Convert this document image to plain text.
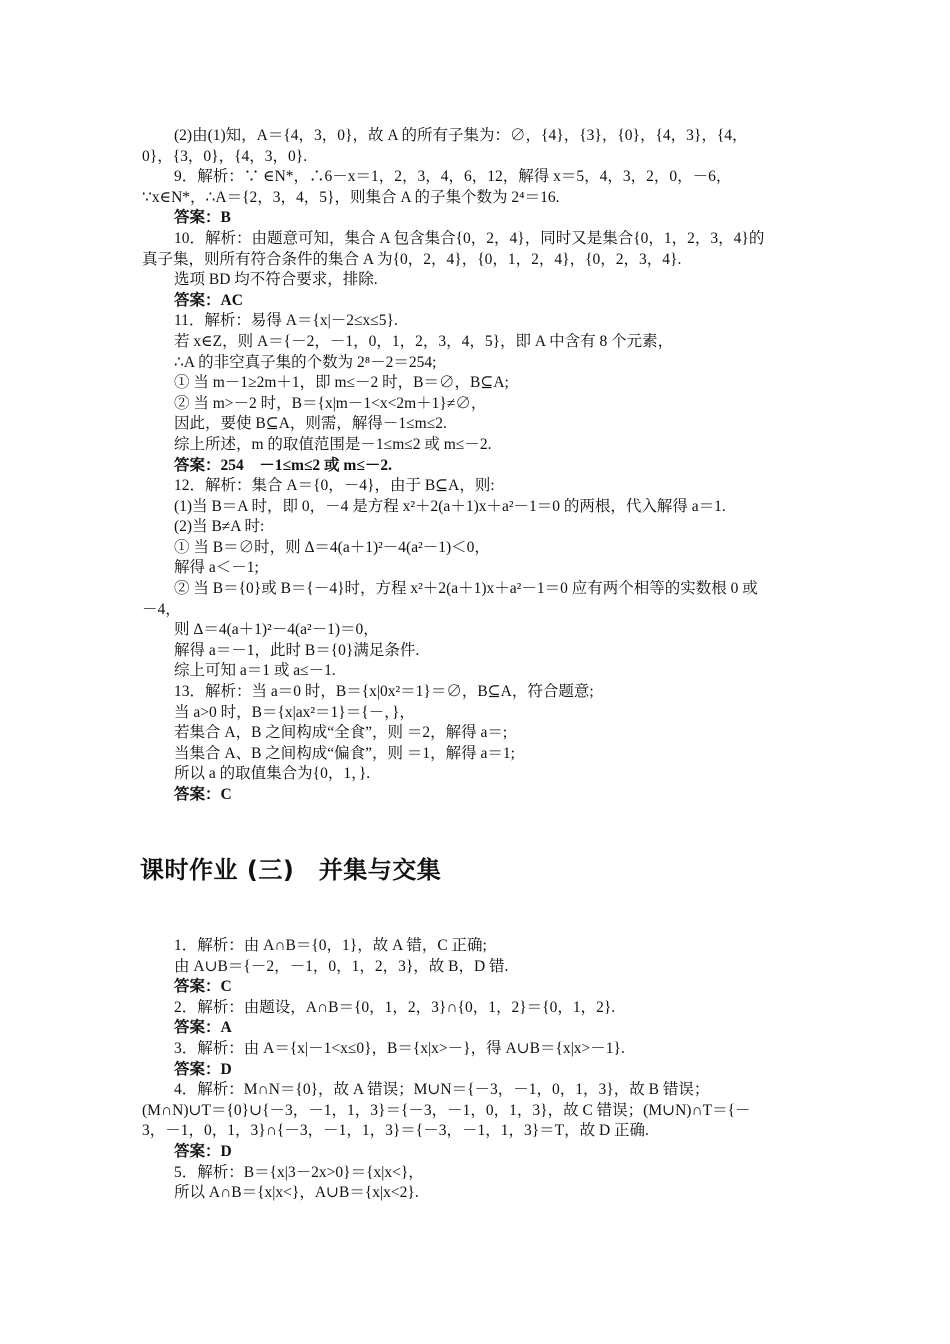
(2)由(1)知，A＝{4，3，0}，故 A 的所有子集为：∅，{4}，{3}，{0}，{4，3}，{4，
0}，{3，0}，{4，3，0}.
9．解析：∵ ∈N*，∴6－x＝1，2，3，4，6，12，解得 x＝5，4，3，2，0，－6，
∵x∈N*，∴A＝{2，3，4，5}，则集合 A 的子集个数为 2⁴＝16.
答案：B
10．解析：由题意可知，集合 A 包含集合{0，2，4}，同时又是集合{0，1，2，3，4}的
真子集，则所有符合条件的集合 A 为{0，2，4}，{0，1，2，4}，{0，2，3，4}.
选项 BD 均不符合要求，排除.
答案：AC
11．解析：易得 A＝{x|－2≤x≤5}.
若 x∈Z，则 A＝{－2，－1，0，1，2，3，4，5}，即 A 中含有 8 个元素，
∴A 的非空真子集的个数为 2⁸－2＝254;
① 当 m－1≥2m＋1，即 m≤－2 时，B＝∅，B⊆A;
② 当 m>－2 时，B＝{x|m－1<x<2m＋1}≠∅，
因此，要使 B⊆A，则需，解得－1≤m≤2.
综上所述，m 的取值范围是－1≤m≤2 或 m≤－2.
答案：254　－1≤m≤2 或 m≤－2.
12．解析：集合 A＝{0，－4}，由于 B⊆A，则:
(1)当 B＝A 时，即 0，－4 是方程 x²＋2(a＋1)x＋a²－1＝0 的两根，代入解得 a＝1.
(2)当 B≠A 时:
① 当 B＝∅时，则 Δ＝4(a＋1)²－4(a²－1)＜0，
解得 a＜－1;
② 当 B＝{0}或 B＝{－4}时，方程 x²＋2(a＋1)x＋a²－1＝0 应有两个相等的实数根 0 或
－4，
则 Δ＝4(a＋1)²－4(a²－1)＝0，
解得 a＝－1，此时 B＝{0}满足条件.
综上可知 a＝1 或 a≤－1.
13．解析：当 a＝0 时，B＝{x|0x²＝1}＝∅，B⊆A，符合题意;
当 a>0 时，B＝{x|ax²＝1}＝{－，}，
若集合 A，B 之间构成“全食”，则 ＝2，解得 a＝;
当集合 A、B 之间构成“偏食”，则 ＝1，解得 a＝1;
所以 a 的取值集合为{0，1，}.
答案：C
课时作业 (三)　并集与交集
1．解析：由 A∩B＝{0，1}，故 A 错，C 正确;
由 A∪B＝{－2，－1，0，1，2，3}，故 B，D 错.
答案：C
2．解析：由题设，A∩B＝{0，1，2，3}∩{0，1，2}＝{0，1，2}.
答案：A
3．解析：由 A＝{x|－1<x≤0}，B＝{x|x>－}，得 A∪B＝{x|x>－1}.
答案：D
4．解析：M∩N＝{0}，故 A 错误；M∪N＝{－3，－1，0，1，3}，故 B 错误；
(M∩N)∪T＝{0}∪{－3，－1，1，3}＝{－3，－1，0，1，3}，故 C 错误；(M∪N)∩T＝{－
3，－1，0，1，3}∩{－3，－1，1，3}＝{－3，－1，1，3}＝T，故 D 正确.
答案：D
5．解析：B＝{x|3－2x>0}＝{x|x<}，
所以 A∩B＝{x|x<}，A∪B＝{x|x<2}.
